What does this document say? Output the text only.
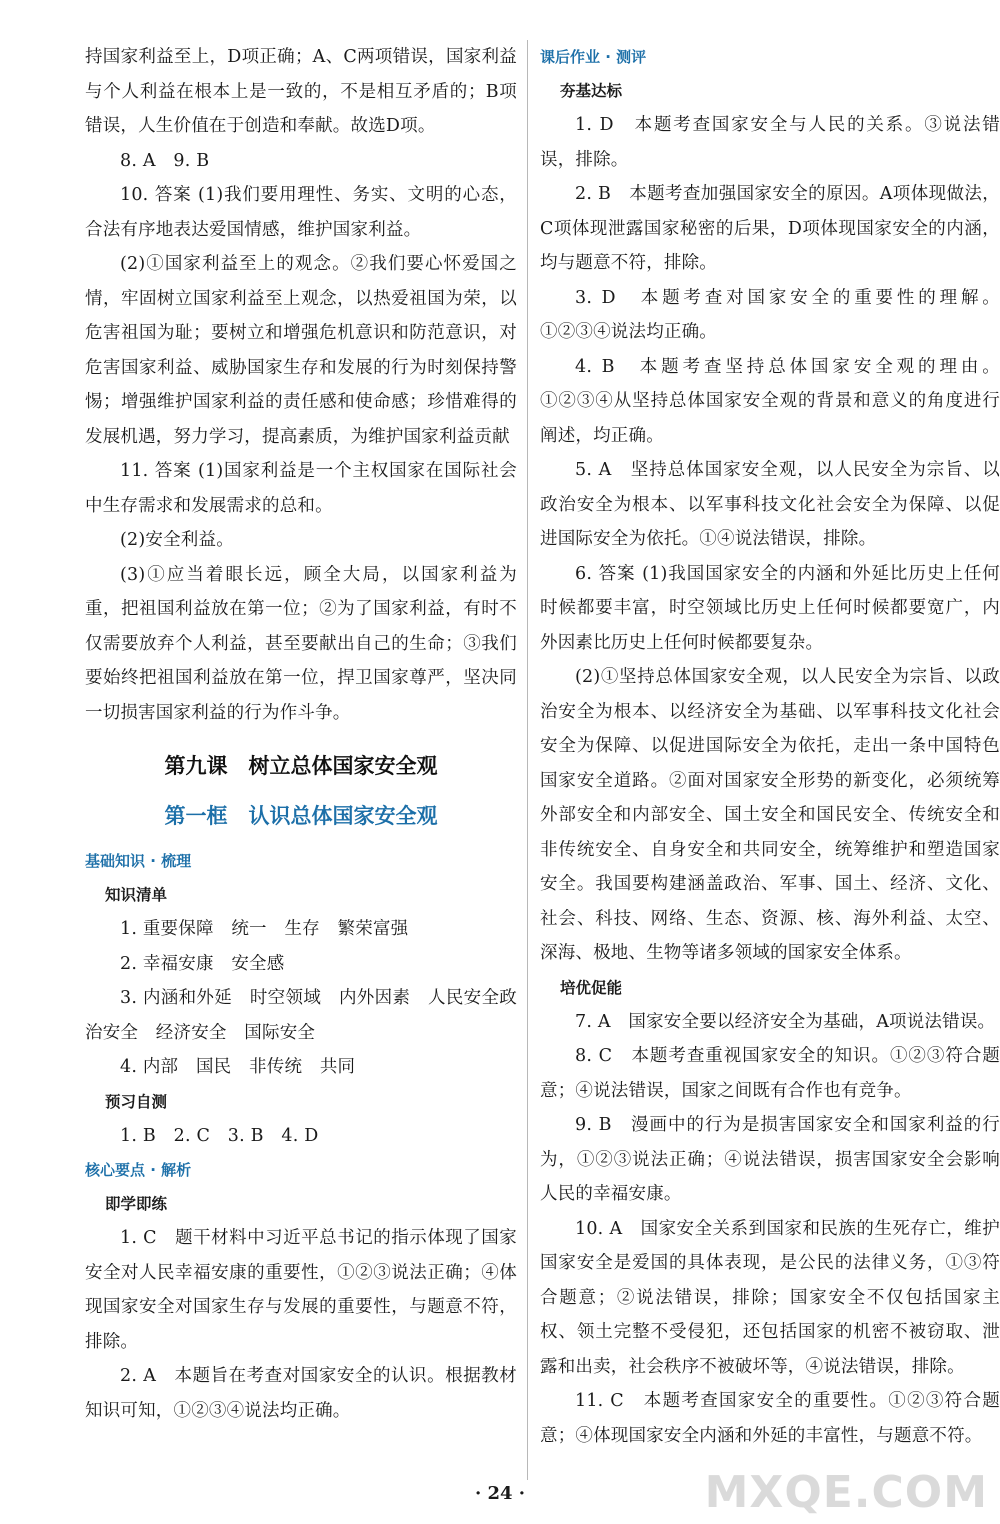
持国家利益至上，D项正确；A、C两项错误，国家利益与个人利益在根本上是一致的，不是相互矛盾的；B项错误，人生价值在于创造和奉献。故选D项。

8. A　9. B

10. 答案 (1)我们要用理性、务实、文明的心态，合法有序地表达爱国情感，维护国家利益。

(2)①国家利益至上的观念。②我们要心怀爱国之情，牢固树立国家利益至上观念，以热爱祖国为荣，以危害祖国为耻；要树立和增强危机意识和防范意识，对危害国家利益、威胁国家生存和发展的行为时刻保持警惕；增强维护国家利益的责任感和使命感；珍惜难得的发展机遇，努力学习，提高素质，为维护国家利益贡献

11. 答案 (1)国家利益是一个主权国家在国际社会中生存需求和发展需求的总和。

(2)安全利益。

(3)①应当着眼长远，顾全大局，以国家利益为重，把祖国利益放在第一位；②为了国家利益，有时不仅需要放弃个人利益，甚至要献出自己的生命；③我们要始终把祖国利益放在第一位，捍卫国家尊严，坚决同一切损害国家利益的行为作斗争。

第九课　树立总体国家安全观
第一框　认识总体国家安全观

基础知识 · 梳理

知识清单

1. 重要保障　统一　生存　繁荣富强

2. 幸福安康　安全感

3. 内涵和外延　时空领域　内外因素　人民安全政治安全　经济安全　国际安全

4. 内部　国民　非传统　共同

预习自测

1. B　2. C　3. B　4. D

核心要点 · 解析

即学即练

1. C　题干材料中习近平总书记的指示体现了国家安全对人民幸福安康的重要性，①②③说法正确；④体现国家安全对国家生存与发展的重要性，与题意不符，排除。

2. A　本题旨在考查对国家安全的认识。根据教材知识可知，①②③④说法均正确。

课后作业 · 测评

夯基达标

1. D　本题考查国家安全与人民的关系。③说法错误，排除。

2. B　本题考查加强国家安全的原因。A项体现做法，C项体现泄露国家秘密的后果，D项体现国家安全的内涵，均与题意不符，排除。

3. D　本题考查对国家安全的重要性的理解。①②③④说法均正确。

4. B　本题考查坚持总体国家安全观的理由。①②③④从坚持总体国家安全观的背景和意义的角度进行阐述，均正确。

5. A　坚持总体国家安全观，以人民安全为宗旨、以政治安全为根本、以军事科技文化社会安全为保障、以促进国际安全为依托。①④说法错误，排除。

6. 答案 (1)我国国家安全的内涵和外延比历史上任何时候都要丰富，时空领域比历史上任何时候都要宽广，内外因素比历史上任何时候都要复杂。

(2)①坚持总体国家安全观，以人民安全为宗旨、以政治安全为根本、以经济安全为基础、以军事科技文化社会安全为保障、以促进国际安全为依托，走出一条中国特色国家安全道路。②面对国家安全形势的新变化，必须统筹外部安全和内部安全、国土安全和国民安全、传统安全和非传统安全、自身安全和共同安全，统筹维护和塑造国家安全。我国要构建涵盖政治、军事、国土、经济、文化、社会、科技、网络、生态、资源、核、海外利益、太空、深海、极地、生物等诸多领域的国家安全体系。

培优促能

7. A　国家安全要以经济安全为基础，A项说法错误。

8. C　本题考查重视国家安全的知识。①②③符合题意；④说法错误，国家之间既有合作也有竞争。

9. B　漫画中的行为是损害国家安全和国家利益的行为，①②③说法正确；④说法错误，损害国家安全会影响人民的幸福安康。

10. A　国家安全关系到国家和民族的生死存亡，维护国家安全是爱国的具体表现，是公民的法律义务，①③符合题意；②说法错误，排除；国家安全不仅包括国家主权、领土完整不受侵犯，还包括国家的机密不被窃取、泄露和出卖，社会秩序不被破坏等，④说法错误，排除。

11. C　本题考查国家安全的重要性。①②③符合题意；④体现国家安全内涵和外延的丰富性，与题意不符。

· 24 ·	MXQE.COM
